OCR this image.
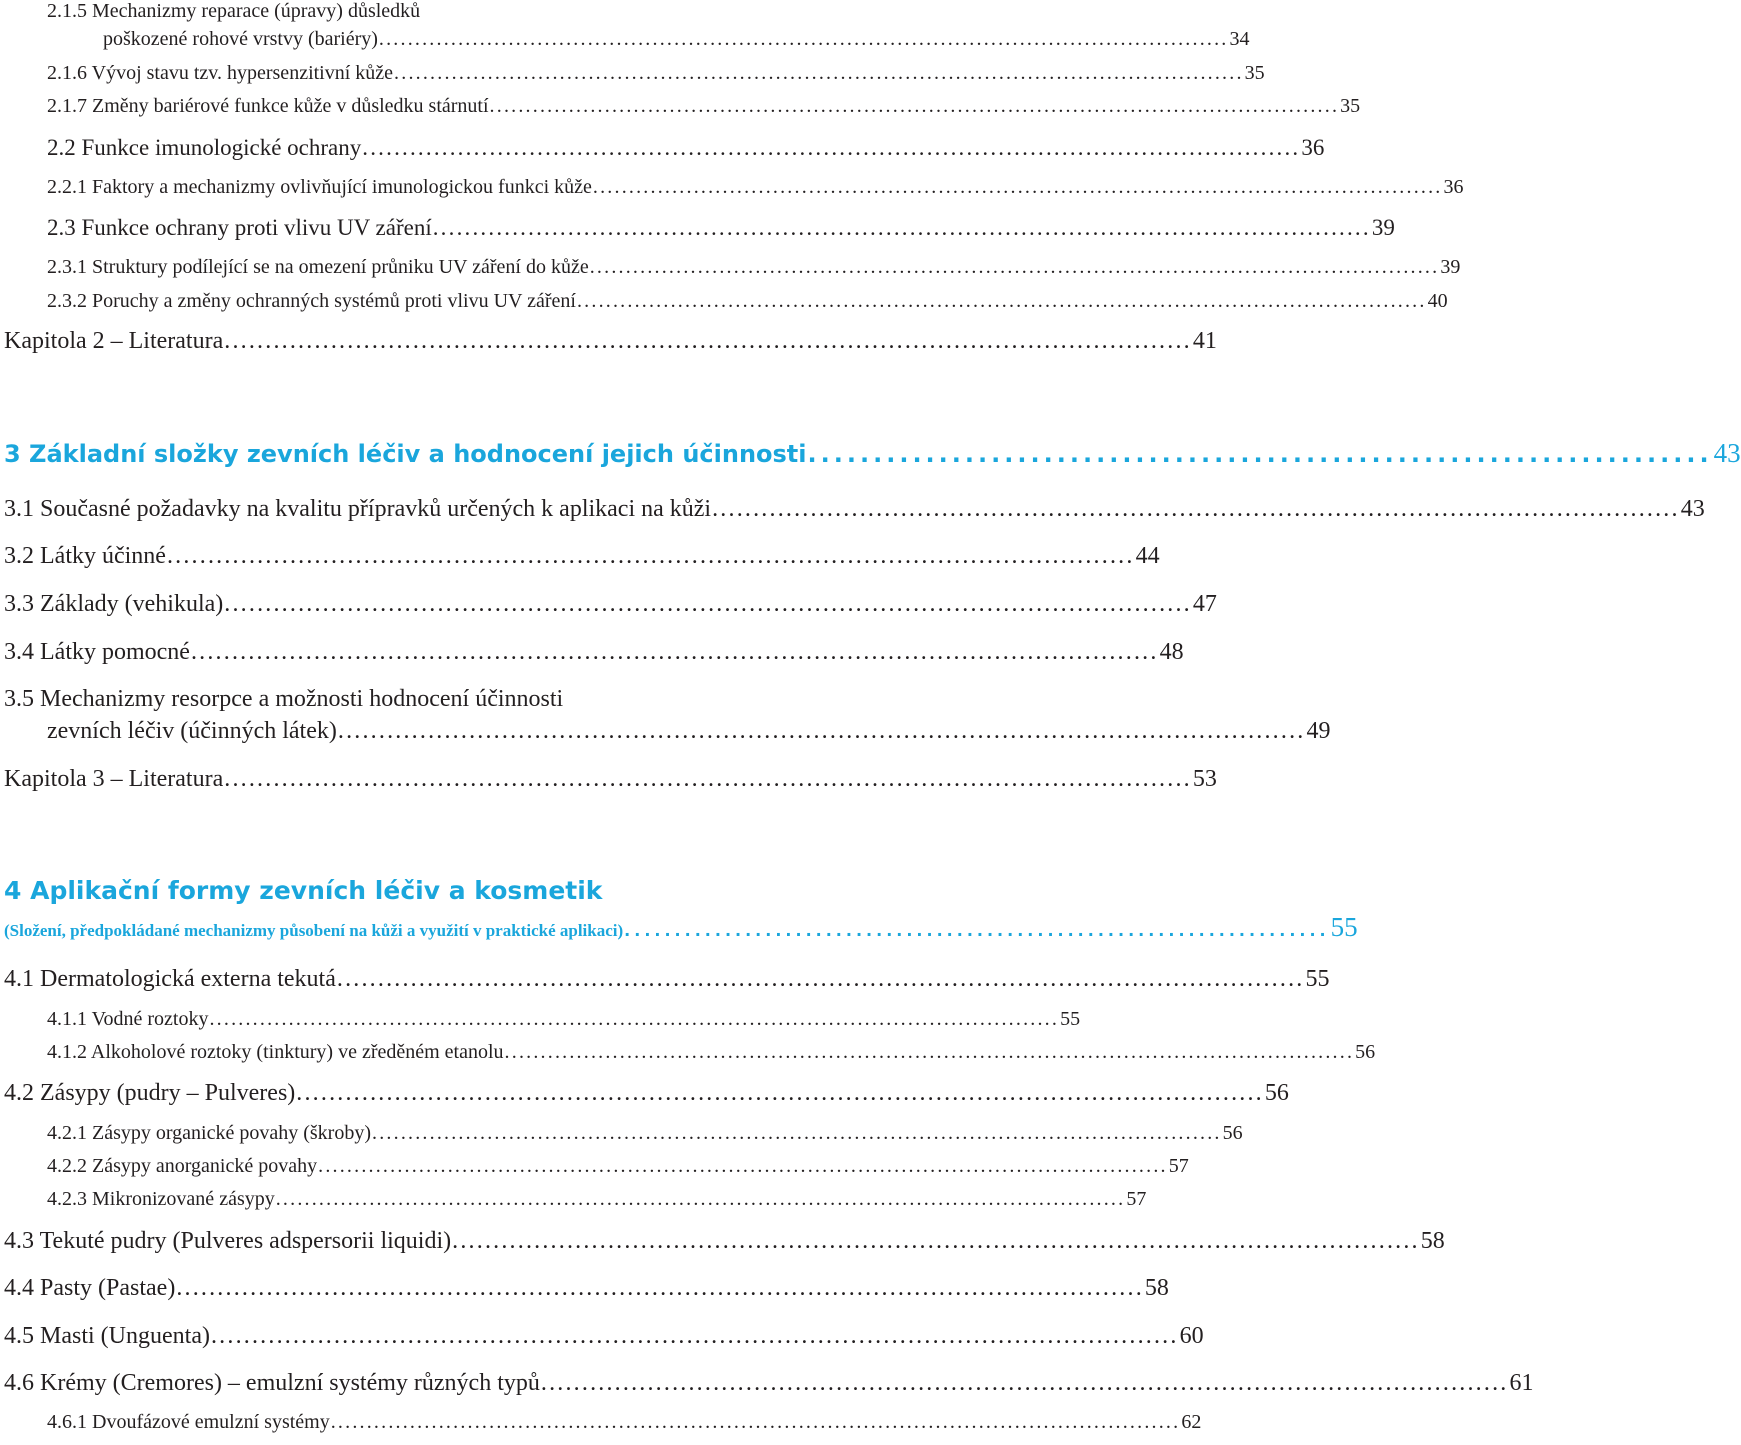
2.1.5 Mechanizmy reparace (úpravy) důsledků
poškozené rohové vrstvy (bariéry) ...................................................................................................................... 34
2.1.6 Vývoj stavu tzv. hypersenzitivní kůže ...................................................................................................................... 35
2.1.7 Změny bariérové funkce kůže v důsledku stárnutí ...................................................................................................................... 35
2.2 Funkce imunologické ochrany ...................................................................................................................... 36
2.2.1 Faktory a mechanizmy ovlivňující imunologickou funkci kůže ...................................................................................................................... 36
2.3 Funkce ochrany proti vlivu UV záření ...................................................................................................................... 39
2.3.1 Struktury podílející se na omezení průniku UV záření do kůže ...................................................................................................................... 39
2.3.2 Poruchy a změny ochranných systémů proti vlivu UV záření ...................................................................................................................... 40
Kapitola 2 – Literatura ...................................................................................................................... 41
3 Základní složky zevních léčiv a hodnocení jejich účinnosti ..................................................................... 43
3.1 Současné požadavky na kvalitu přípravků určených k aplikaci na kůži ...................................................................................................................... 43
3.2 Látky účinné ...................................................................................................................... 44
3.3 Základy (vehikula) ...................................................................................................................... 47
3.4 Látky pomocné ...................................................................................................................... 48
3.5 Mechanizmy resorpce a možnosti hodnocení účinnosti
zevních léčiv (účinných látek) ...................................................................................................................... 49
Kapitola 3 – Literatura ...................................................................................................................... 53
4 Aplikační formy zevních léčiv a kosmetik
(Složení, předpokládané mechanizmy působení na kůži a využití v praktické aplikaci) ...................................................................... 55
4.1 Dermatologická externa tekutá ...................................................................................................................... 55
4.1.1 Vodné roztoky ...................................................................................................................... 55
4.1.2 Alkoholové roztoky (tinktury) ve zředěném etanolu ...................................................................................................................... 56
4.2 Zásypy (pudry – Pulveres) ...................................................................................................................... 56
4.2.1 Zásypy organické povahy (škroby) ...................................................................................................................... 56
4.2.2 Zásypy anorganické povahy ...................................................................................................................... 57
4.2.3 Mikronizované zásypy ...................................................................................................................... 57
4.3 Tekuté pudry (Pulveres adspersorii liquidi) ...................................................................................................................... 58
4.4 Pasty (Pastae) ...................................................................................................................... 58
4.5 Masti (Unguenta) ...................................................................................................................... 60
4.6 Krémy (Cremores) – emulzní systémy různých typů ...................................................................................................................... 61
4.6.1 Dvoufázové emulzní systémy ...................................................................................................................... 62
